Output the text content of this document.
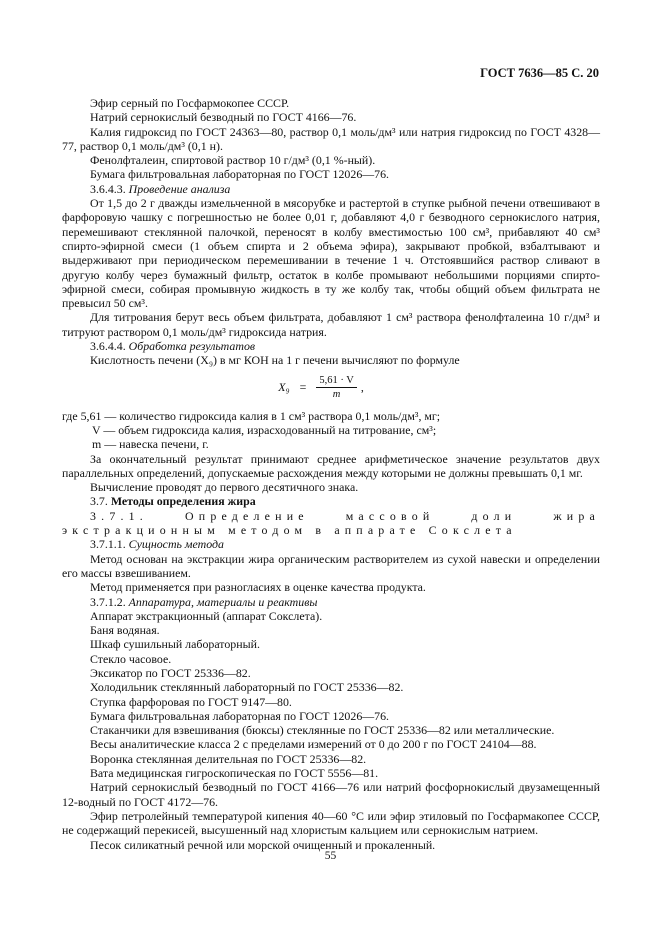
ГОСТ 7636—85 С. 20

Эфир серный по Госфармокопее СССР.

Натрий сернокислый безводный по ГОСТ 4166—76.

Калия гидроксид по ГОСТ 24363—80, раствор 0,1 моль/дм³ или натрия гидроксид по ГОСТ 4328—77, раствор 0,1 моль/дм³ (0,1 н).

Фенолфталеин, спиртовой раствор 10 г/дм³ (0,1 %-ный).

Бумага фильтровальная лабораторная по ГОСТ 12026—76.

3.6.4.3. Проведение анализа

От 1,5 до 2 г дважды измельченной в мясорубке и растертой в ступке рыбной печени отвешивают в фарфоровую чашку с погрешностью не более 0,01 г, добавляют 4,0 г безводного сернокислого натрия, перемешивают стеклянной палочкой, переносят в колбу вместимостью 100 см³, прибавляют 40 см³ спирто-эфирной смеси (1 объем спирта и 2 объема эфира), закрывают пробкой, взбалтывают и выдерживают при периодическом перемешивании в течение 1 ч. Отстоявшийся раствор сливают в другую колбу через бумажный фильтр, остаток в колбе промывают небольшими порциями спиртоэфирной смеси, собирая промывную жидкость в ту же колбу так, чтобы общий объем фильтрата не превысил 50 см³.

Для титрования берут весь объем фильтрата, добавляют 1 см³ раствора фенолфталеина 10 г/дм³ и титруют раствором 0,1 моль/дм³ гидроксида натрия.

3.6.4.4. Обработка результатов

Кислотность печени (X₉) в мг КОН на 1 г печени вычисляют по формуле

$X_9 = \frac{5,61 \cdot V}{m}$ ,

где 5,61 — количество гидроксида калия в 1 см³ раствора 0,1 моль/дм³, мг;

V — объем гидроксида калия, израсходованный на титрование, см³;

m — навеска печени, г.

За окончательный результат принимают среднее арифметическое значение результатов двух параллельных определений, допускаемые расхождения между которыми не должны превышать 0,1 мг.

Вычисление проводят до первого десятичного знака.

3.7. Методы определения жира

3.7.1. Определение массовой доли жира экстракционным методом в аппарате Сокслета

3.7.1.1. Сущность метода

Метод основан на экстракции жира органическим растворителем из сухой навески и определении его массы взвешиванием.

Метод применяется при разногласиях в оценке качества продукта.

3.7.1.2. Аппаратура, материалы и реактивы

Аппарат экстракционный (аппарат Сокслета).

Баня водяная.

Шкаф сушильный лабораторный.

Стекло часовое.

Эксикатор по ГОСТ 25336—82.

Холодильник стеклянный лабораторный по ГОСТ 25336—82.

Ступка фарфоровая по ГОСТ 9147—80.

Бумага фильтровальная лабораторная по ГОСТ 12026—76.

Стаканчики для взвешивания (бюксы) стеклянные по ГОСТ 25336—82 или металлические.

Весы аналитические класса 2 с пределами измерений от 0 до 200 г по ГОСТ 24104—88.

Воронка стеклянная делительная по ГОСТ 25336—82.

Вата медицинская гигроскопическая по ГОСТ 5556—81.

Натрий сернокислый безводный по ГОСТ 4166—76 или натрий фосфорнокислый двузамещенный 12-водный по ГОСТ 4172—76.

Эфир петролейный температурой кипения 40—60 °С или эфир этиловый по Госфармакопее СССР, не содержащий перекисей, высушенный над хлористым кальцием или сернокислым натрием.

Песок силикатный речной или морской очищенный и прокаленный.

55
